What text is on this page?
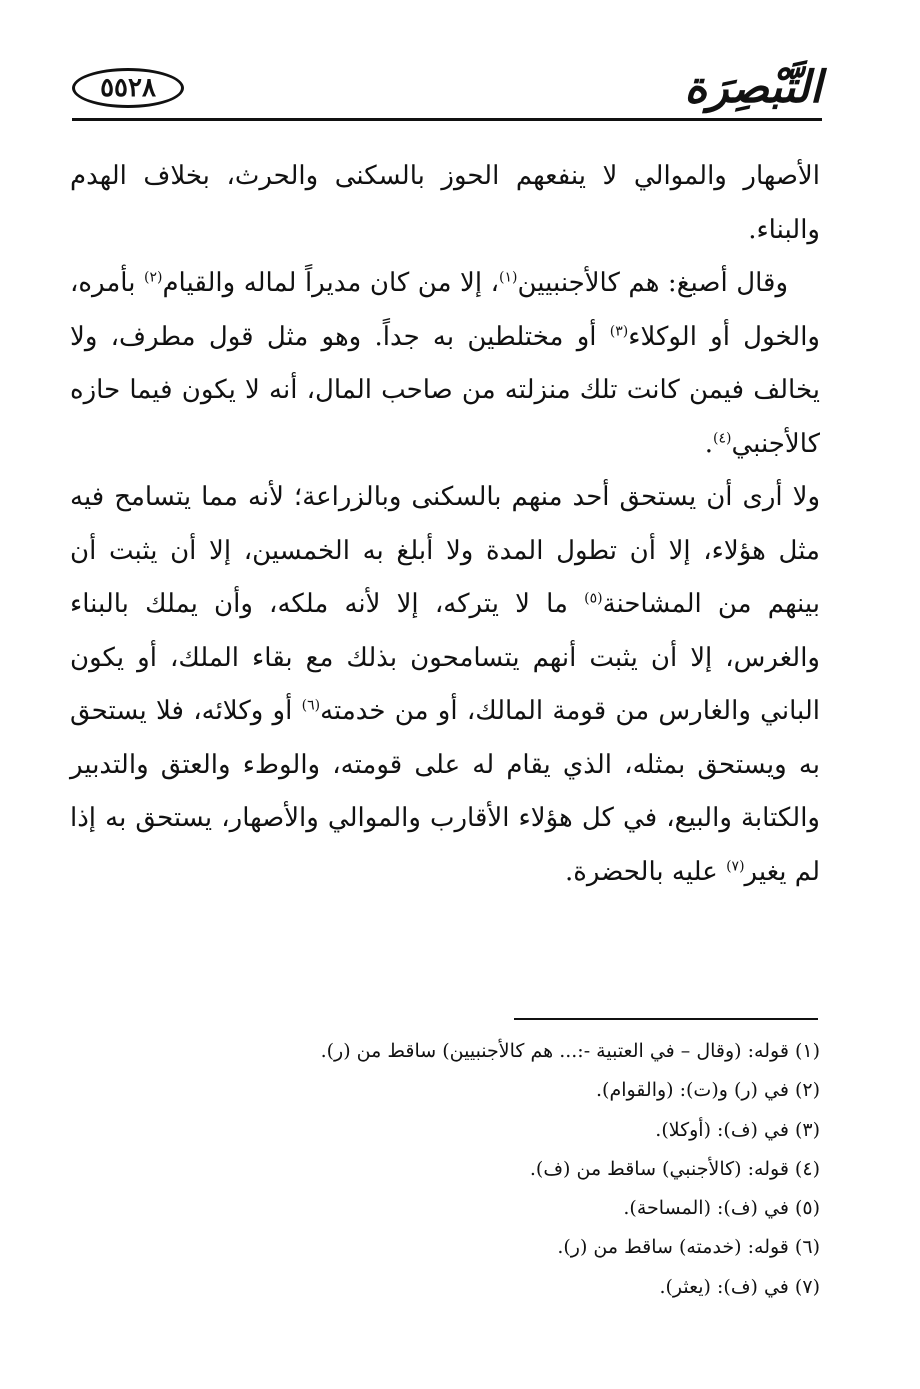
٥٥٢٨	التَّبْصِرَة

الأصهار والموالي لا ينفعهم الحوز بالسكنى والحرث، بخلاف الهدم والبناء.

وقال أصبغ: هم كالأجنبيين$^{(١)}$، إلا من كان مديراً لماله والقيام$^{(٢)}$ بأمره، والخول أو الوكلاء$^{(٣)}$ أو مختلطين به جداً. وهو مثل قول مطرف، ولا يخالف فيمن كانت تلك منزلته من صاحب المال، أنه لا يكون فيما حازه كالأجنبي$^{(٤)}$.

ولا أرى أن يستحق أحد منهم بالسكنى وبالزراعة؛ لأنه مما يتسامح فيه مثل هؤلاء، إلا أن تطول المدة ولا أبلغ به الخمسين، إلا أن يثبت أن بينهم من المشاحنة$^{(٥)}$ ما لا يتركه، إلا لأنه ملكه، وأن يملك بالبناء والغرس، إلا أن يثبت أنهم يتسامحون بذلك مع بقاء الملك، أو يكون الباني والغارس من قومة المالك، أو من خدمته$^{(٦)}$ أو وكلائه، فلا يستحق به ويستحق بمثله، الذي يقام له على قومته، والوطء والعتق والتدبير والكتابة والبيع، في كل هؤلاء الأقارب والموالي والأصهار، يستحق به إذا لم يغير$^{(٧)}$ عليه بالحضرة.

(١) قوله: (وقال – في العتبية -:... هم كالأجنبيين) ساقط من (ر).

(٢) في (ر) و(ت): (والقوام).

(٣) في (ف): (أوكلا).

(٤) قوله: (كالأجنبي) ساقط من (ف).

(٥) في (ف): (المساحة).

(٦) قوله: (خدمته) ساقط من (ر).

(٧) في (ف): (يعثر).
